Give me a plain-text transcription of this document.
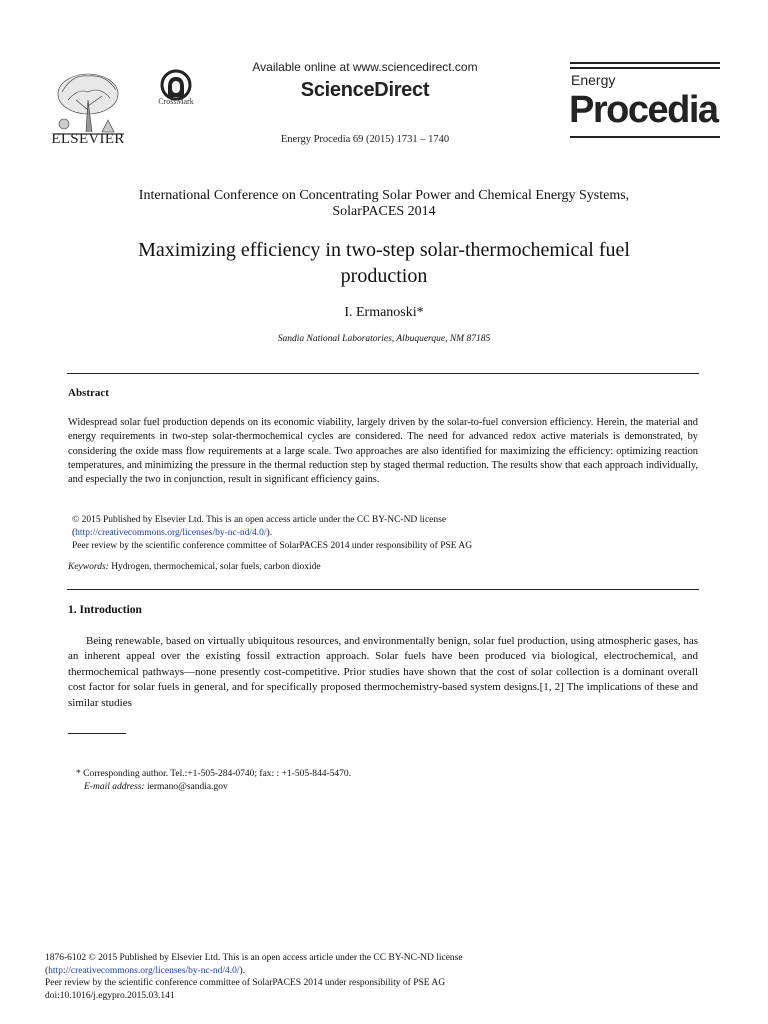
ELSEVIER
CrossMark
Available online at www.sciencedirect.com
ScienceDirect
Energy Procedia 69 (2015) 1731 – 1740
Energy
Procedia
International Conference on Concentrating Solar Power and Chemical Energy Systems,
SolarPACES 2014
Maximizing efficiency in two-step solar-thermochemical fuel
production
I. Ermanoski*
Sandia National Laboratories, Albuquerque, NM 87185
Abstract
Widespread solar fuel production depends on its economic viability, largely driven by the solar-to-fuel conversion efficiency. Herein, the material and energy requirements in two-step solar-thermochemical cycles are considered. The need for advanced redox active materials is demonstrated, by considering the oxide mass flow requirements at a large scale. Two approaches are also identified for maximizing the efficiency: optimizing reaction temperatures, and minimizing the pressure in the thermal reduction step by staged thermal reduction. The results show that each approach individually, and especially the two in conjunction, result in significant efficiency gains.
© 2015 Published by Elsevier Ltd. This is an open access article under the CC BY-NC-ND license
(http://creativecommons.org/licenses/by-nc-nd/4.0/).
Peer review by the scientific conference committee of SolarPACES 2014 under responsibility of PSE AG
Keywords: Hydrogen, thermochemical, solar fuels, carbon dioxide
1. Introduction
Being renewable, based on virtually ubiquitous resources, and environmentally benign, solar fuel production, using atmospheric gases, has an inherent appeal over the existing fossil extraction approach. Solar fuels have been produced via biological, electrochemical, and thermochemical pathways—none presently cost-competitive. Prior studies have shown that the cost of solar collection is a dominant overall cost factor for solar fuels in general, and for specifically proposed thermochemistry-based system designs.[1, 2] The implications of these and similar studies
* Corresponding author. Tel.:+1-505-284-0740; fax: : +1-505-844-5470.
E-mail address: iermano@sandia.gov
1876-6102 © 2015 Published by Elsevier Ltd. This is an open access article under the CC BY-NC-ND license
(http://creativecommons.org/licenses/by-nc-nd/4.0/).
Peer review by the scientific conference committee of SolarPACES 2014 under responsibility of PSE AG
doi:10.1016/j.egypro.2015.03.141
